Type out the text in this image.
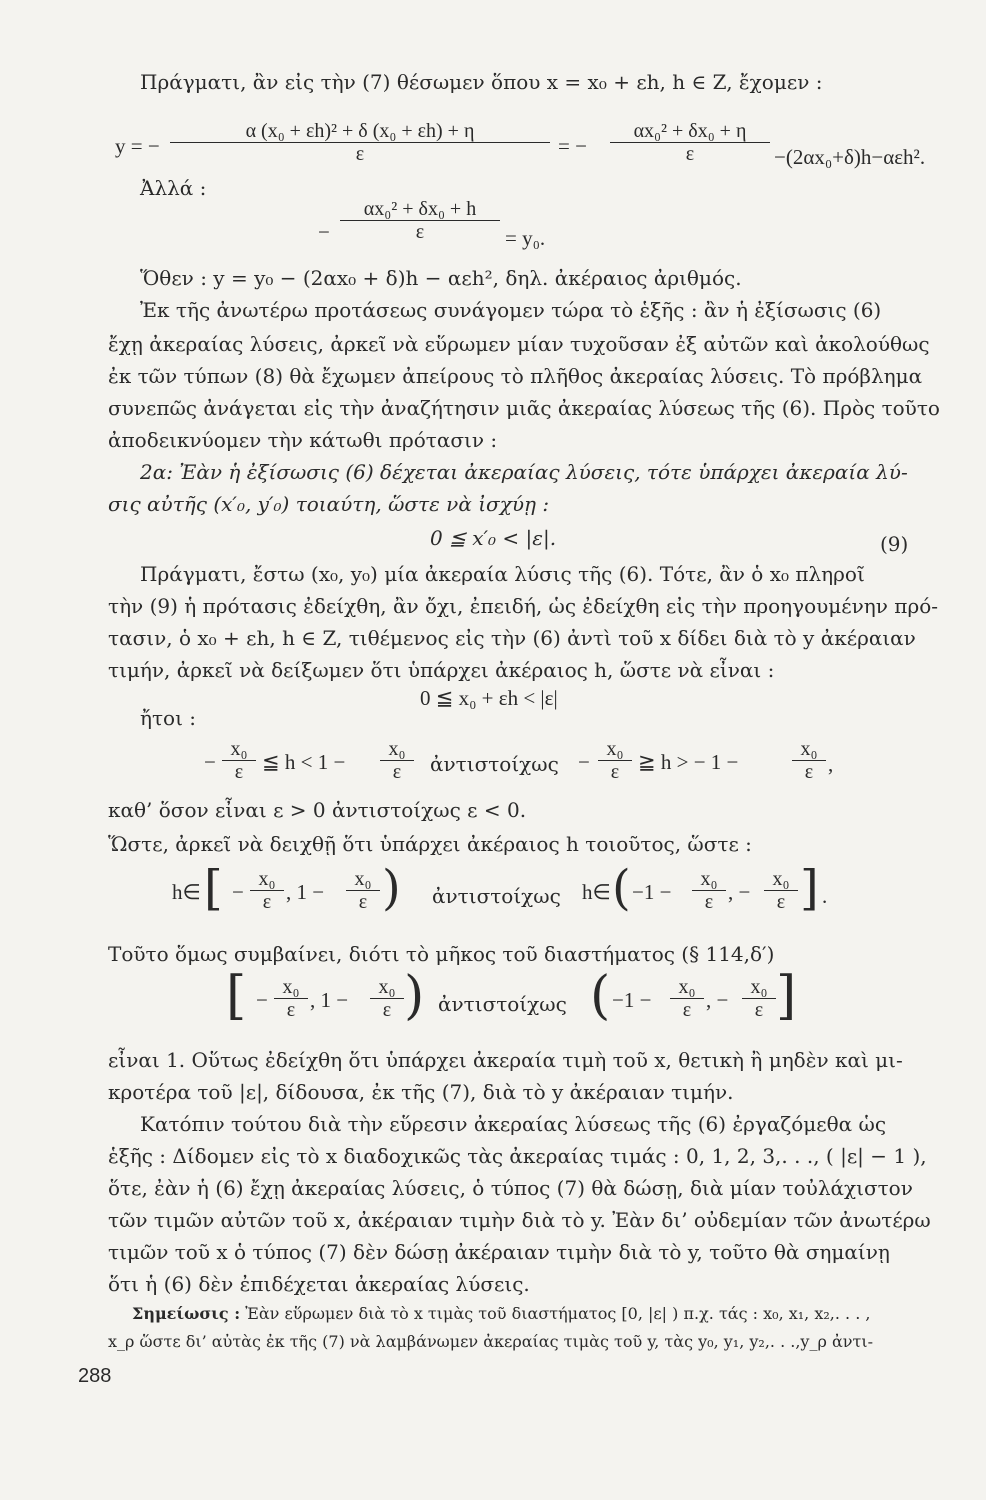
Πράγματι, ἂν εἰς τὴν (7) θέσωμεν ὅπου x = x₀ + εh, h ∈ Z, ἔχομεν :
y = −
α (x₀ + εh)² + δ (x₀ + εh) + η
ε	= −
αx₀² + δx₀ + η
ε	−(2αx₀+δ)h−αεh².
Ἀλλά :
−
αx₀² + δx₀ + h
ε	= y₀.
Ὅθεν : y = y₀ − (2αx₀ + δ)h − αεh², δηλ. ἀκέραιος ἀριθμός.
Ἐκ τῆς ἀνωτέρω προτάσεως συνάγομεν τώρα τὸ ἑξῆς : ἂν ἡ ἐξίσωσις (6)
ἔχῃ ἀκεραίας λύσεις, ἀρκεῖ νὰ εὕρωμεν μίαν τυχοῦσαν ἐξ αὐτῶν καὶ ἀκολούθως
ἐκ τῶν τύπων (8) θὰ ἔχωμεν ἀπείρους τὸ πλῆθος ἀκεραίας λύσεις. Τὸ πρόβλημα
συνεπῶς ἀνάγεται εἰς τὴν ἀναζήτησιν μιᾶς ἀκεραίας λύσεως τῆς (6). Πρὸς τοῦτο
ἀποδεικνύομεν τὴν κάτωθι πρότασιν :
2α: Ἐὰν ἡ ἐξίσωσις (6) δέχεται ἀκεραίας λύσεις, τότε ὑπάρχει ἀκεραία λύ-
σις αὐτῆς (x′₀, y′₀) τοιαύτη, ὥστε νὰ ἰσχύῃ :
0 ≦ x′₀ < |ε|.	(9)
Πράγματι, ἔστω (x₀, y₀) μία ἀκεραία λύσις τῆς (6). Τότε, ἂν ὁ x₀ πληροῖ
τὴν (9) ἡ πρότασις ἐδείχθη, ἂν ὄχι, ἐπειδή, ὡς ἐδείχθη εἰς τὴν προηγουμένην πρό-
τασιν, ὁ x₀ + εh, h ∈ Z, τιθέμενος εἰς τὴν (6) ἀντὶ τοῦ x δίδει διὰ τὸ y ἀκέραιαν
τιμήν, ἀρκεῖ νὰ δείξωμεν ὅτι ὑπάρχει ἀκέραιος h, ὥστε νὰ εἶναι :
0 ≦ x₀ + εh < |ε|
ἤτοι :
−
x₀
ε ≦ h < 1 −
x₀
ε	ἀντιστοίχως −
x₀
ε ≧ h > − 1 −
x₀
ε ,
καθ’ ὅσον εἶναι ε > 0 ἀντιστοίχως ε < 0.
Ὥστε, ἀρκεῖ νὰ δειχθῇ ὅτι ὑπάρχει ἀκέραιος h τοιοῦτος, ὥστε :
h∈ [ −
x₀
ε , 1 −
x₀
ε ) ἀντιστοίχως h∈ ( −1 −
x₀
ε , −
x₀
ε ] .
Τοῦτο ὅμως συμβαίνει, διότι τὸ μῆκος τοῦ διαστήματος (§ 114,δ′)
[ −
x₀
ε , 1 −
x₀
ε ) ἀντιστοίχως ( −1 −
x₀
ε , −
x₀
ε ]
εἶναι 1. Οὕτως ἐδείχθη ὅτι ὑπάρχει ἀκεραία τιμὴ τοῦ x, θετικὴ ἢ μηδὲν καὶ μι-
κροτέρα τοῦ |ε|, δίδουσα, ἐκ τῆς (7), διὰ τὸ y ἀκέραιαν τιμήν.
Κατόπιν τούτου διὰ τὴν εὕρεσιν ἀκεραίας λύσεως τῆς (6) ἐργαζόμεθα ὡς
ἑξῆς : Δίδομεν εἰς τὸ x διαδοχικῶς τὰς ἀκεραίας τιμάς : 0, 1, 2, 3,. . ., ( |ε| − 1 ),
ὅτε, ἐὰν ἡ (6) ἔχῃ ἀκεραίας λύσεις, ὁ τύπος (7) θὰ δώσῃ, διὰ μίαν τοὐλάχιστον
τῶν τιμῶν αὐτῶν τοῦ x, ἀκέραιαν τιμὴν διὰ τὸ y. Ἐὰν δι’ οὐδεμίαν τῶν ἀνωτέρω
τιμῶν τοῦ x ὁ τύπος (7) δὲν δώσῃ ἀκέραιαν τιμὴν διὰ τὸ y, τοῦτο θὰ σημαίνῃ
ὅτι ἡ (6) δὲν ἐπιδέχεται ἀκεραίας λύσεις.
Σημείωσις : Ἐὰν εὕρωμεν διὰ τὸ x τιμὰς τοῦ διαστήματος [0, |ε| ) π.χ. τάς : x₀, x₁, x₂,. . . ,
x_ρ ὥστε δι’ αὐτὰς ἐκ τῆς (7) νὰ λαμβάνωμεν ἀκεραίας τιμὰς τοῦ y, τὰς y₀, y₁, y₂,. . .,y_ρ ἀντι-
288
